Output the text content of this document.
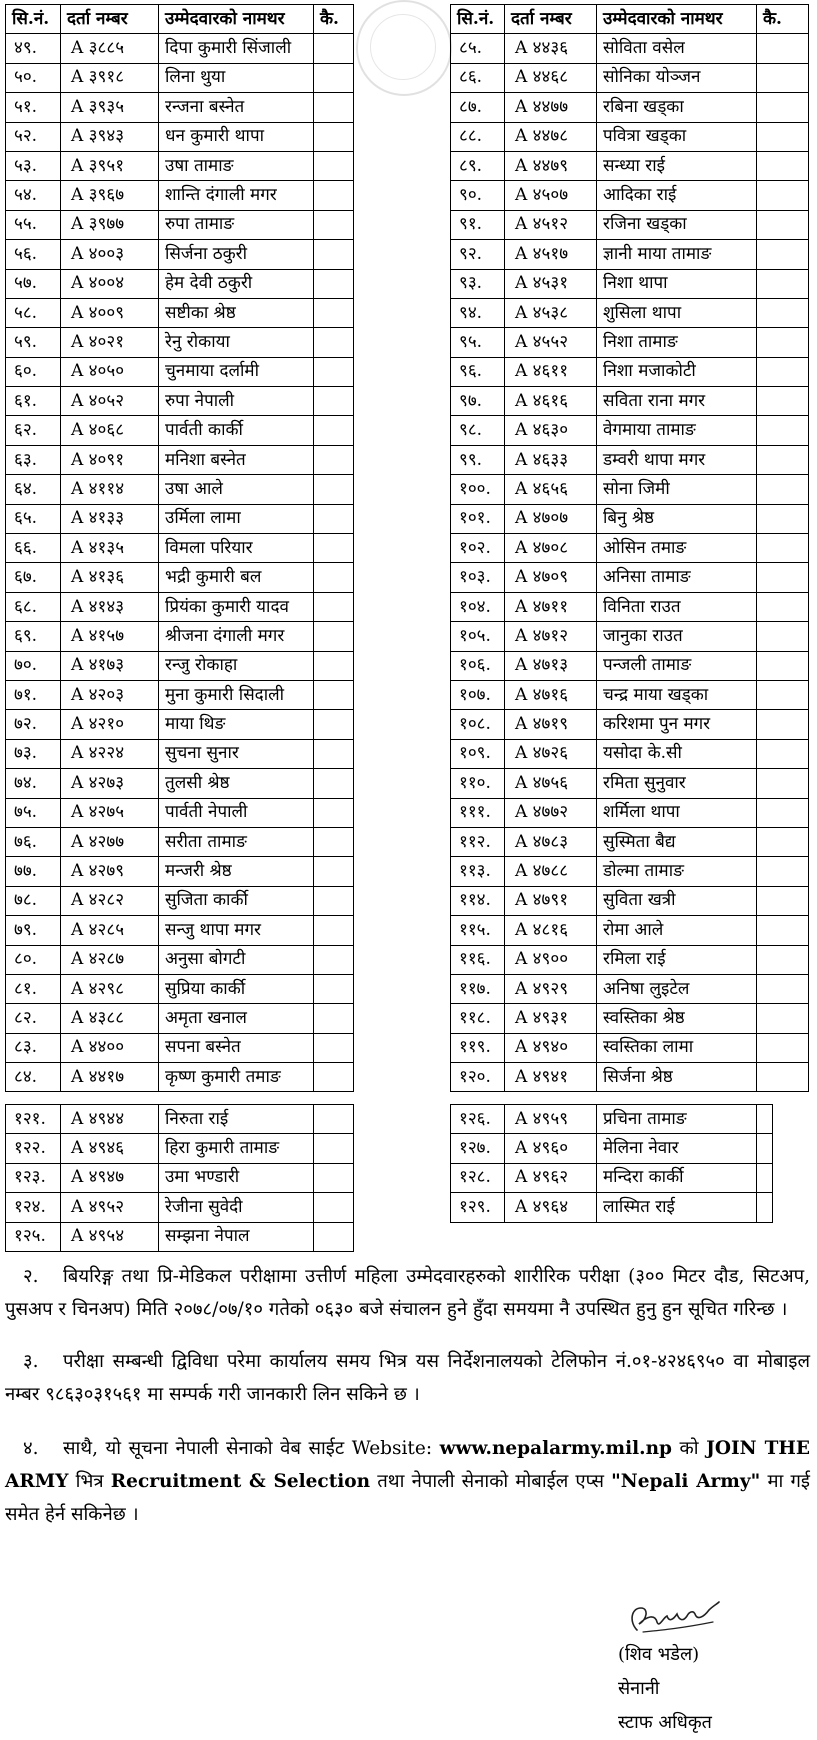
सि.नं.	दर्ता नम्बर	उम्मेदवारको नामथर	कै.
४९.	A ३८८५	दिपा कुमारी सिंजाली	
५०.	A ३९१८	लिना थुया	
५१.	A ३९३५	रन्जना बस्नेत	
५२.	A ३९४३	धन कुमारी थापा	
५३.	A ३९५१	उषा तामाङ	
५४.	A ३९६७	शान्ति दंगाली मगर	
५५.	A ३९७७	रुपा तामाङ	
५६.	A ४००३	सिर्जना ठकुरी	
५७.	A ४००४	हेम देवी ठकुरी	
५८.	A ४००९	सष्टीका श्रेष्ठ	
५९.	A ४०२१	रेनु रोकाया	
६०.	A ४०५०	चुनमाया दर्लामी	
६१.	A ४०५२	रुपा नेपाली	
६२.	A ४०६८	पार्वती कार्की	
६३.	A ४०९१	मनिशा बस्नेत	
६४.	A ४११४	उषा आले	
६५.	A ४१३३	उर्मिला लामा	
६६.	A ४१३५	विमला परियार	
६७.	A ४१३६	भद्री कुमारी बल	
६८.	A ४१४३	प्रियंका कुमारी यादव	
६९.	A ४१५७	श्रीजना दंगाली मगर	
७०.	A ४१७३	रन्जु रोकाहा	
७१.	A ४२०३	मुना कुमारी सिदाली	
७२.	A ४२१०	माया थिङ	
७३.	A ४२२४	सुचना सुनार	
७४.	A ४२७३	तुलसी श्रेष्ठ	
७५.	A ४२७५	पार्वती नेपाली	
७६.	A ४२७७	सरीता तामाङ	
७७.	A ४२७९	मन्जरी श्रेष्ठ	
७८.	A ४२८२	सुजिता कार्की	
७९.	A ४२८५	सन्जु थापा मगर	
८०.	A ४२८७	अनुसा बोगटी	
८१.	A ४२९८	सुप्रिया कार्की	
८२.	A ४३८८	अमृता खनाल	
८३.	A ४४००	सपना बस्नेत	
८४.	A ४४१७	कृष्ण कुमारी तमाङ	
सि.नं.	दर्ता नम्बर	उम्मेदवारको नामथर	कै.
८५.	A ४४३६	सोविता वसेल	
८६.	A ४४६८	सोनिका योञ्जन	
८७.	A ४४७७	रबिना खड्का	
८८.	A ४४७८	पवित्रा खड्का	
८९.	A ४४७९	सन्ध्या राई	
९०.	A ४५०७	आदिका राई	
९१.	A ४५१२	रजिना खड्का	
९२.	A ४५१७	ज्ञानी माया तामाङ	
९३.	A ४५३१	निशा थापा	
९४.	A ४५३८	शुसिला थापा	
९५.	A ४५५२	निशा तामाङ	
९६.	A ४६११	निशा मजाकोटी	
९७.	A ४६१६	सविता राना मगर	
९८.	A ४६३०	वेगमाया तामाङ	
९९.	A ४६३३	डम्वरी थापा मगर	
१००.	A ४६५६	सोना जिमी	
१०१.	A ४७०७	बिनु श्रेष्ठ	
१०२.	A ४७०८	ओसिन तमाङ	
१०३.	A ४७०९	अनिसा तामाङ	
१०४.	A ४७११	विनिता राउत	
१०५.	A ४७१२	जानुका राउत	
१०६.	A ४७१३	पन्जली तामाङ	
१०७.	A ४७१६	चन्द्र माया खड्का	
१०८.	A ४७१९	करिशमा पुन मगर	
१०९.	A ४७२६	यसोदा के.सी	
११०.	A ४७५६	रमिता सुनुवार	
१११.	A ४७७२	शर्मिला थापा	
११२.	A ४७८३	सुस्मिता बैद्य	
११३.	A ४७८८	डोल्मा तामाङ	
११४.	A ४७९१	सुविता खत्री	
११५.	A ४८१६	रोमा आले	
११६.	A ४९००	रमिला राई	
११७.	A ४९२९	अनिषा लुइटेल	
११८.	A ४९३१	स्वस्तिका श्रेष्ठ	
११९.	A ४९४०	स्वस्तिका लामा	
१२०.	A ४९४१	सिर्जना श्रेष्ठ	
१२१.	A ४९४४	निरुता राई	
१२२.	A ४९४६	हिरा कुमारी तामाङ	
१२३.	A ४९४७	उमा भण्डारी	
१२४.	A ४९५२	रेजीना सुवेदी	
१२५.	A ४९५४	सम्झना नेपाल	
१२६.	A ४९५९	प्रचिना तामाङ	
१२७.	A ४९६०	मेलिना नेवार	
१२८.	A ४९६२	मन्दिरा कार्की	
१२९.	A ४९६४	लास्मित राई	

२. बियरिङ्ग तथा प्रि-मेडिकल परीक्षामा उत्तीर्ण महिला उम्मेदवारहरुको शारीरिक परीक्षा (३०० मिटर दौड, सिटअप, पुसअप र चिनअप) मिति २०७८/०७/१० गतेको ०६३० बजे संचालन हुने हुँदा समयमा नै उपस्थित हुनु हुन सूचित गरिन्छ ।

३. परीक्षा सम्बन्धी द्विविधा परेमा कार्यालय समय भित्र यस निर्देशनालयको टेलिफोन नं.०१-४२४६९५० वा मोबाइल नम्बर ९८६३०३१५६१ मा सम्पर्क गरी जानकारी लिन सकिने छ ।

४. साथै, यो सूचना नेपाली सेनाको वेब साईट Website: www.nepalarmy.mil.np को JOIN THE ARMY भित्र Recruitment & Selection तथा नेपाली सेनाको मोबाईल एप्स "Nepali Army" मा गई समेत हेर्न सकिनेछ ।

(शिव भडेल)
सेनानी
स्टाफ अधिकृत
